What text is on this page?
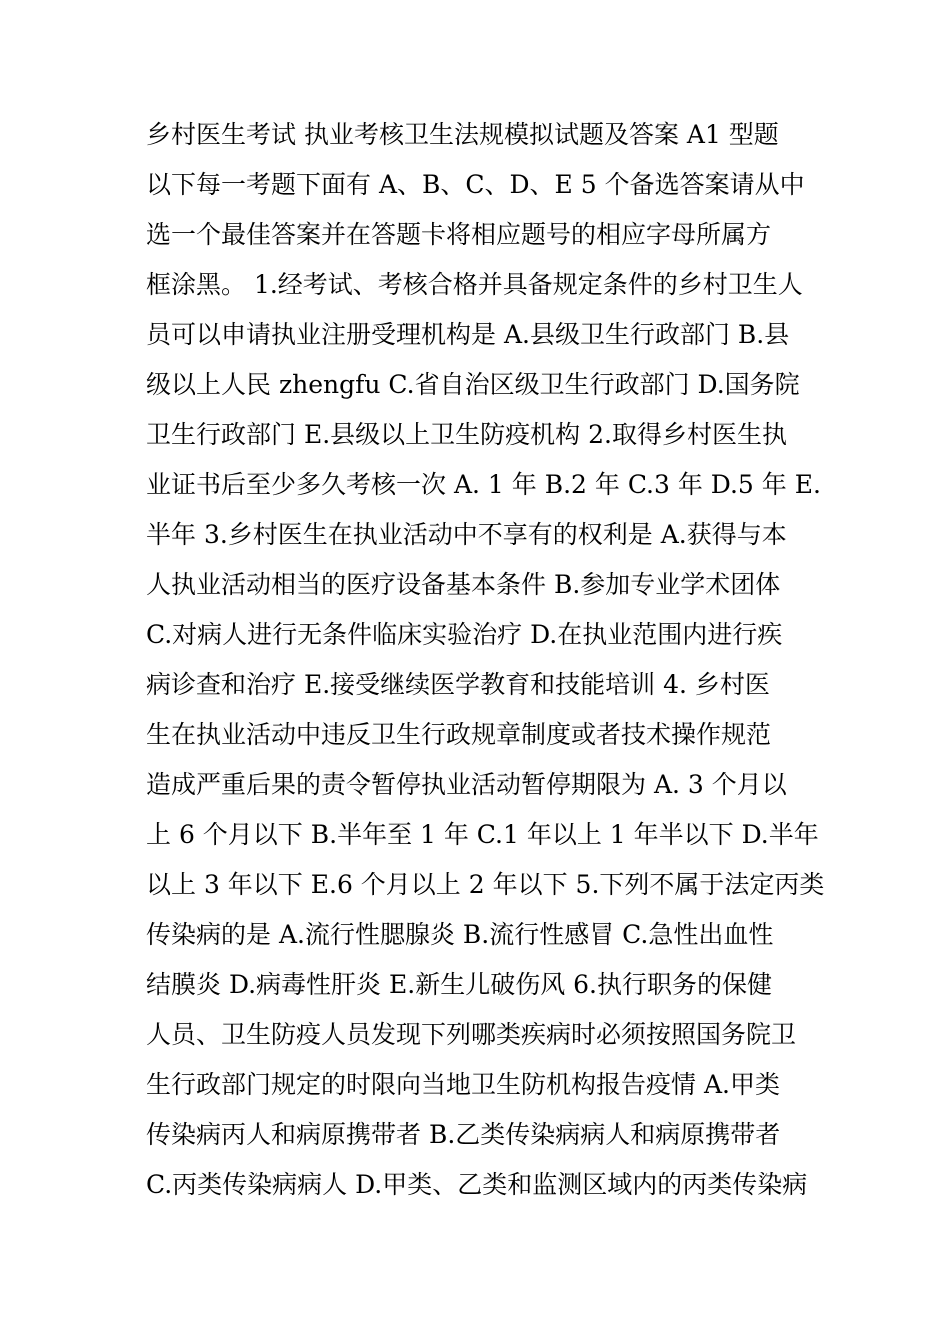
乡村医生考试 执业考核卫生法规模拟试题及答案 A1 型题
以下每一考题下面有 A、B、C、D、E 5 个备选答案请从中
选一个最佳答案并在答题卡将相应题号的相应字母所属方
框涂黑。 1.经考试、考核合格并具备规定条件的乡村卫生人
员可以申请执业注册受理机构是 A.县级卫生行政部门 B.县
级以上人民 zhengfu C.省自治区级卫生行政部门 D.国务院
卫生行政部门 E.县级以上卫生防疫机构 2.取得乡村医生执
业证书后至少多久考核一次 A. 1 年 B.2 年 C.3 年 D.5 年 E.
半年 3.乡村医生在执业活动中不享有的权利是 A.获得与本
人执业活动相当的医疗设备基本条件 B.参加专业学术团体
C.对病人进行无条件临床实验治疗 D.在执业范围内进行疾
病诊查和治疗 E.接受继续医学教育和技能培训 4. 乡村医
生在执业活动中违反卫生行政规章制度或者技术操作规范
造成严重后果的责令暂停执业活动暂停期限为 A. 3 个月以
上 6 个月以下 B.半年至 1 年 C.1 年以上 1 年半以下 D.半年
以上 3 年以下 E.6 个月以上 2 年以下 5.下列不属于法定丙类
传染病的是 A.流行性腮腺炎 B.流行性感冒 C.急性出血性
结膜炎 D.病毒性肝炎 E.新生儿破伤风 6.执行职务的保健
人员、卫生防疫人员发现下列哪类疾病时必须按照国务院卫
生行政部门规定的时限向当地卫生防机构报告疫情 A.甲类
传染病丙人和病原携带者 B.乙类传染病病人和病原携带者
C.丙类传染病病人 D.甲类、乙类和监测区域内的丙类传染病
